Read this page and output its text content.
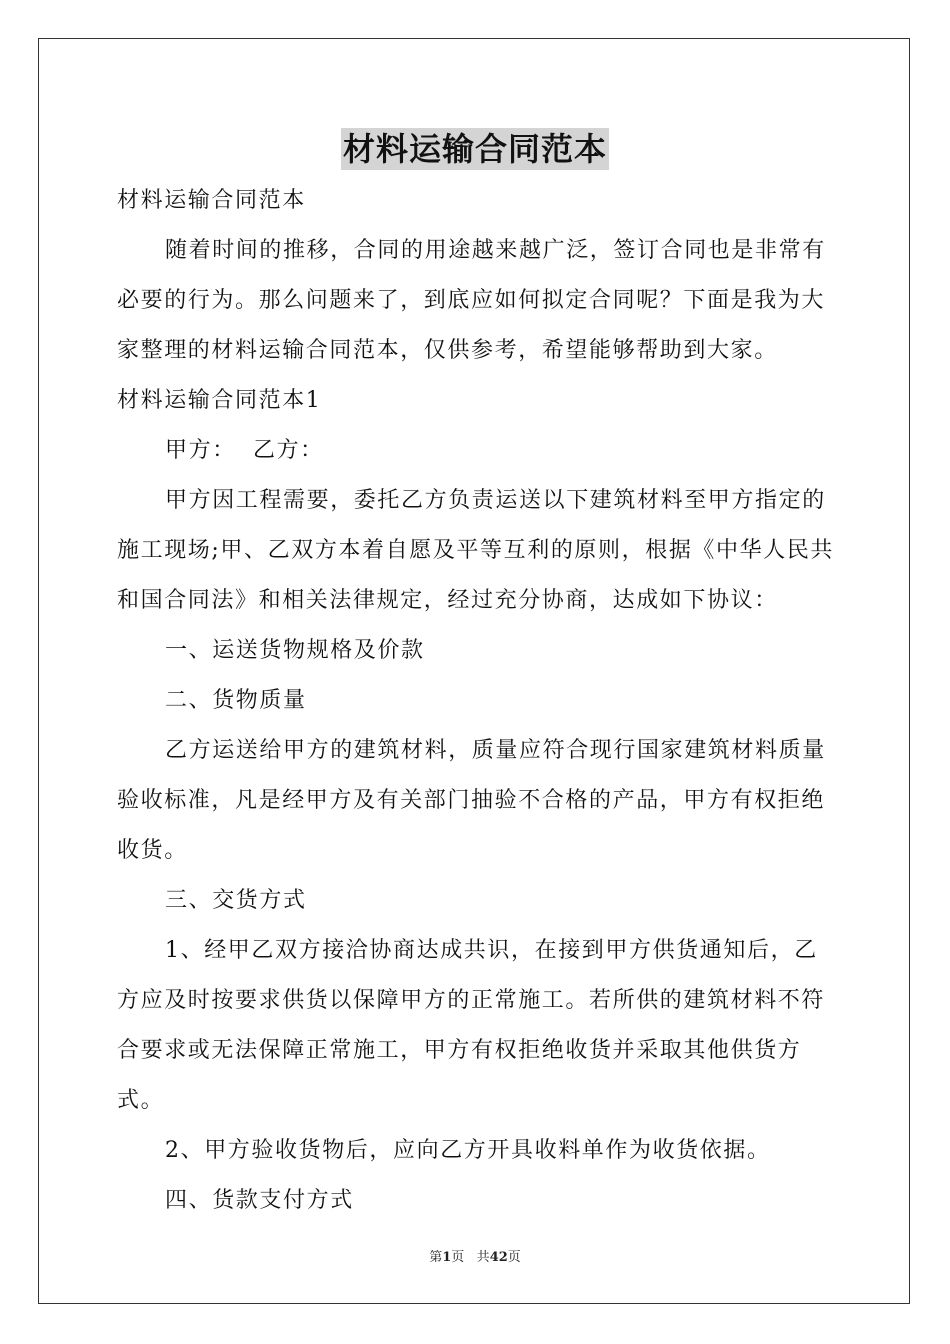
材料运输合同范本

材料运输合同范本

随着时间的推移，合同的用途越来越广泛，签订合同也是非常有必要的行为。那么问题来了，到底应如何拟定合同呢？下面是我为大家整理的材料运输合同范本，仅供参考，希望能够帮助到大家。

材料运输合同范本1

甲方：  乙方：

甲方因工程需要，委托乙方负责运送以下建筑材料至甲方指定的施工现场;甲、乙双方本着自愿及平等互利的原则，根据《中华人民共和国合同法》和相关法律规定，经过充分协商，达成如下协议：

一、运送货物规格及价款

二、货物质量

乙方运送给甲方的建筑材料，质量应符合现行国家建筑材料质量验收标准，凡是经甲方及有关部门抽验不合格的产品，甲方有权拒绝收货。

三、交货方式

1、经甲乙双方接洽协商达成共识，在接到甲方供货通知后，乙方应及时按要求供货以保障甲方的正常施工。若所供的建筑材料不符合要求或无法保障正常施工，甲方有权拒绝收货并采取其他供货方式。

2、甲方验收货物后，应向乙方开具收料单作为收货依据。

四、货款支付方式

第1页 共42页
